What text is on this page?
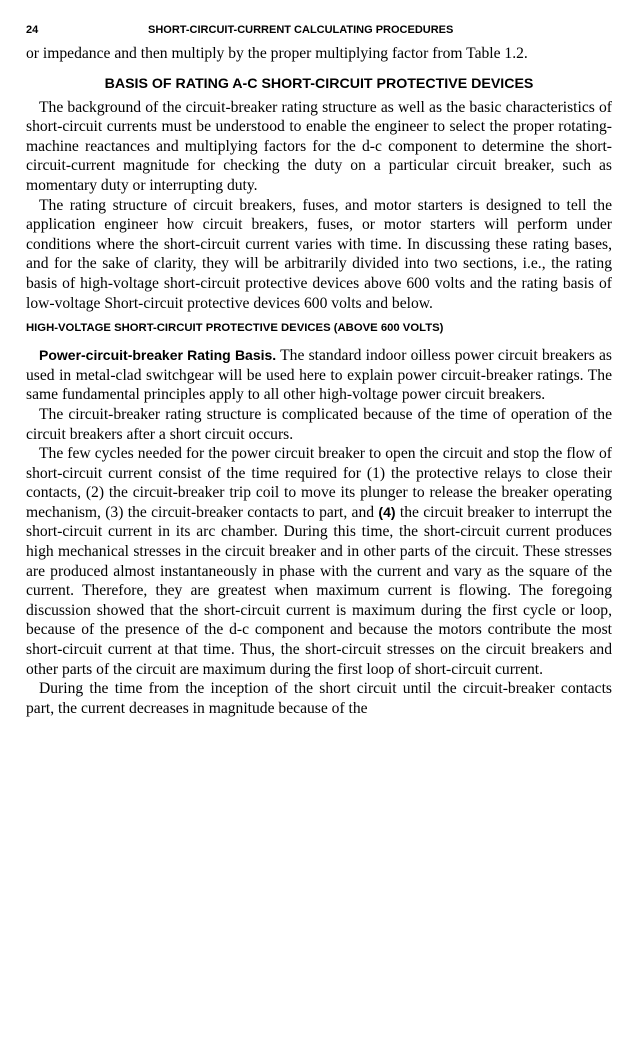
24	SHORT-CIRCUIT-CURRENT CALCULATING PROCEDURES

or impedance and then multiply by the proper multiplying factor from Table 1.2.

BASIS OF RATING A-C SHORT-CIRCUIT PROTECTIVE DEVICES

The background of the circuit-breaker rating structure as well as the basic characteristics of short-circuit currents must be understood to enable the engineer to select the proper rotating-machine reactances and multiplying factors for the d-c component to determine the short-circuit-current magnitude for checking the duty on a particular circuit breaker, such as momentary duty or interrupting duty.

The rating structure of circuit breakers, fuses, and motor starters is designed to tell the application engineer how circuit breakers, fuses, or motor starters will perform under conditions where the short-circuit current varies with time. In discussing these rating bases, and for the sake of clarity, they will be arbitrarily divided into two sections, i.e., the rating basis of high-voltage short-circuit protective devices above 600 volts and the rating basis of low-voltage Short-circuit protective devices 600 volts and below.

HIGH-VOLTAGE SHORT-CIRCUIT PROTECTIVE DEVICES (ABOVE 600 VOLTS)

Power-circuit-breaker Rating Basis. The standard indoor oilless power circuit breakers as used in metal-clad switchgear will be used here to explain power circuit-breaker ratings. The same fundamental principles apply to all other high-voltage power circuit breakers.

The circuit-breaker rating structure is complicated because of the time of operation of the circuit breakers after a short circuit occurs.

The few cycles needed for the power circuit breaker to open the circuit and stop the flow of short-circuit current consist of the time required for (1) the protective relays to close their contacts, (2) the circuit-breaker trip coil to move its plunger to release the breaker operating mechanism, (3) the circuit-breaker contacts to part, and (4) the circuit breaker to interrupt the short-circuit current in its arc chamber. During this time, the short-circuit current produces high mechanical stresses in the circuit breaker and in other parts of the circuit. These stresses are produced almost instantaneously in phase with the current and vary as the square of the current. Therefore, they are greatest when maximum current is flowing. The foregoing discussion showed that the short-circuit current is maximum during the first cycle or loop, because of the presence of the d-c component and because the motors contribute the most short-circuit current at that time. Thus, the short-circuit stresses on the circuit breakers and other parts of the circuit are maximum during the first loop of short-circuit current.

During the time from the inception of the short circuit until the circuit-breaker contacts part, the current decreases in magnitude because of the
